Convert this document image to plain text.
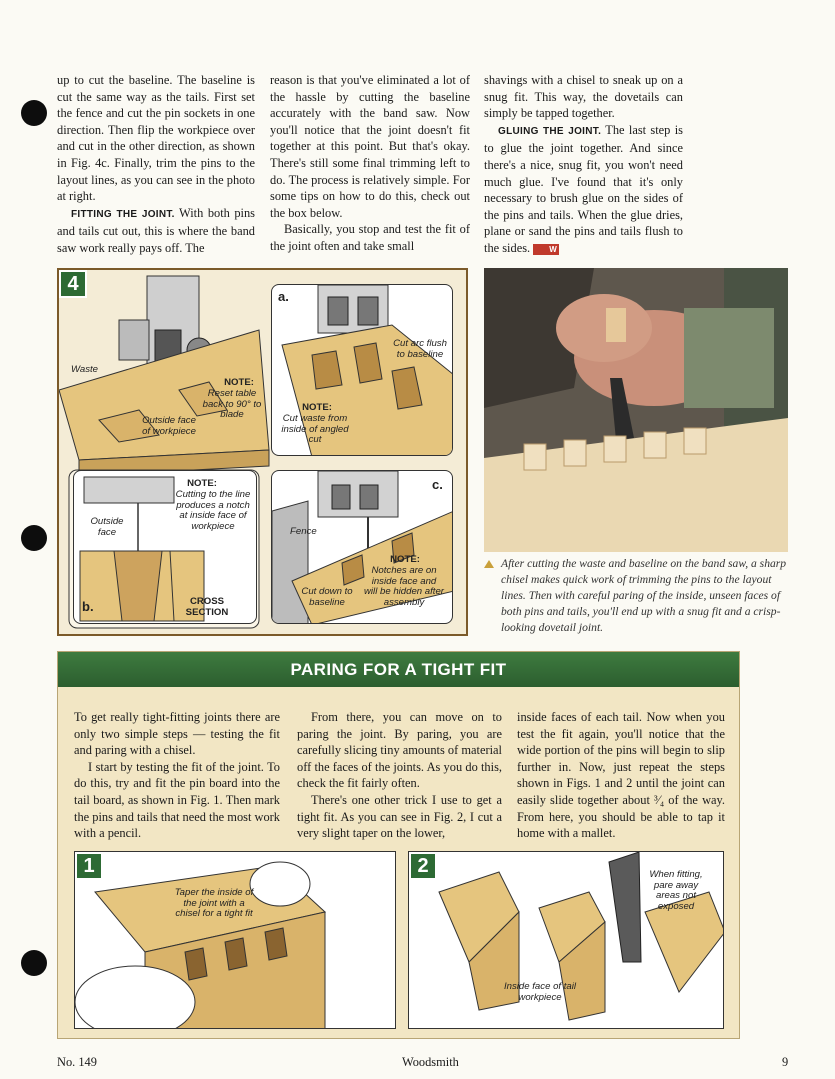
up to cut the baseline. The baseline is cut the same way as the tails. First set the fence and cut the pin sockets in one direction. Then flip the workpiece over and cut in the other direction, as shown in Fig. 4c. Finally, trim the pins to the layout lines, as you can see in the photo at right.

FITTING THE JOINT. With both pins and tails cut out, this is where the band saw work really pays off. The

reason is that you've eliminated a lot of the hassle by cutting the baseline accurately with the band saw. Now you'll notice that the joint doesn't fit together at this point. But that's okay. There's still some final trimming left to do. The process is relatively simple. For some tips on how to do this, check out the box below.

Basically, you stop and test the fit of the joint often and take small

shavings with a chisel to sneak up on a snug fit. This way, the dovetails can simply be tapped together.

GLUING THE JOINT. The last step is to glue the joint together. And since there's a nice, snug fit, you won't need much glue. I've found that it's only necessary to brush glue on the sides of the pins and tails. When the glue dries, plane or sand the pins and tails flush to the sides. W

4
Waste
NOTE:
Reset table back to 90° to blade
Outside face of workpiece
a.
Cut arc flush to baseline
NOTE:
Cut waste from inside of angled cut
NOTE:
Cutting to the line produces a notch at inside face of workpiece
Outside face
CROSS SECTION
b.
c.
Fence
NOTE:
Notches are on inside face and will be hidden after assembly
Cut down to baseline
After cutting the waste and baseline on the band saw, a sharp chisel makes quick work of trimming the pins to the layout lines. Then with careful paring of the inside, unseen faces of both pins and tails, you'll end up with a snug fit and a crisp-looking dovetail joint.
PARING FOR A TIGHT FIT

To get really tight-fitting joints there are only two simple steps — testing the fit and paring with a chisel.

I start by testing the fit of the joint. To do this, try and fit the pin board into the tail board, as shown in Fig. 1. Then mark the pins and tails that need the most work with a pencil.

From there, you can move on to paring the joint. By paring, you are carefully slicing tiny amounts of material off the faces of the joints. As you do this, check the fit fairly often.

There's one other trick I use to get a tight fit. As you can see in Fig. 2, I cut a very slight taper on the lower,

inside faces of each tail. Now when you test the fit again, you'll notice that the wide portion of the pins will begin to slip further in. Now, just repeat the steps shown in Figs. 1 and 2 until the joint can easily slide together about ³⁄₄ of the way. From here, you should be able to tap it home with a mallet.

1
Taper the inside of the joint with a chisel for a tight fit
2	When fitting, pare away areas not exposed
Inside face of tail workpiece
No. 149	Woodsmith	9
